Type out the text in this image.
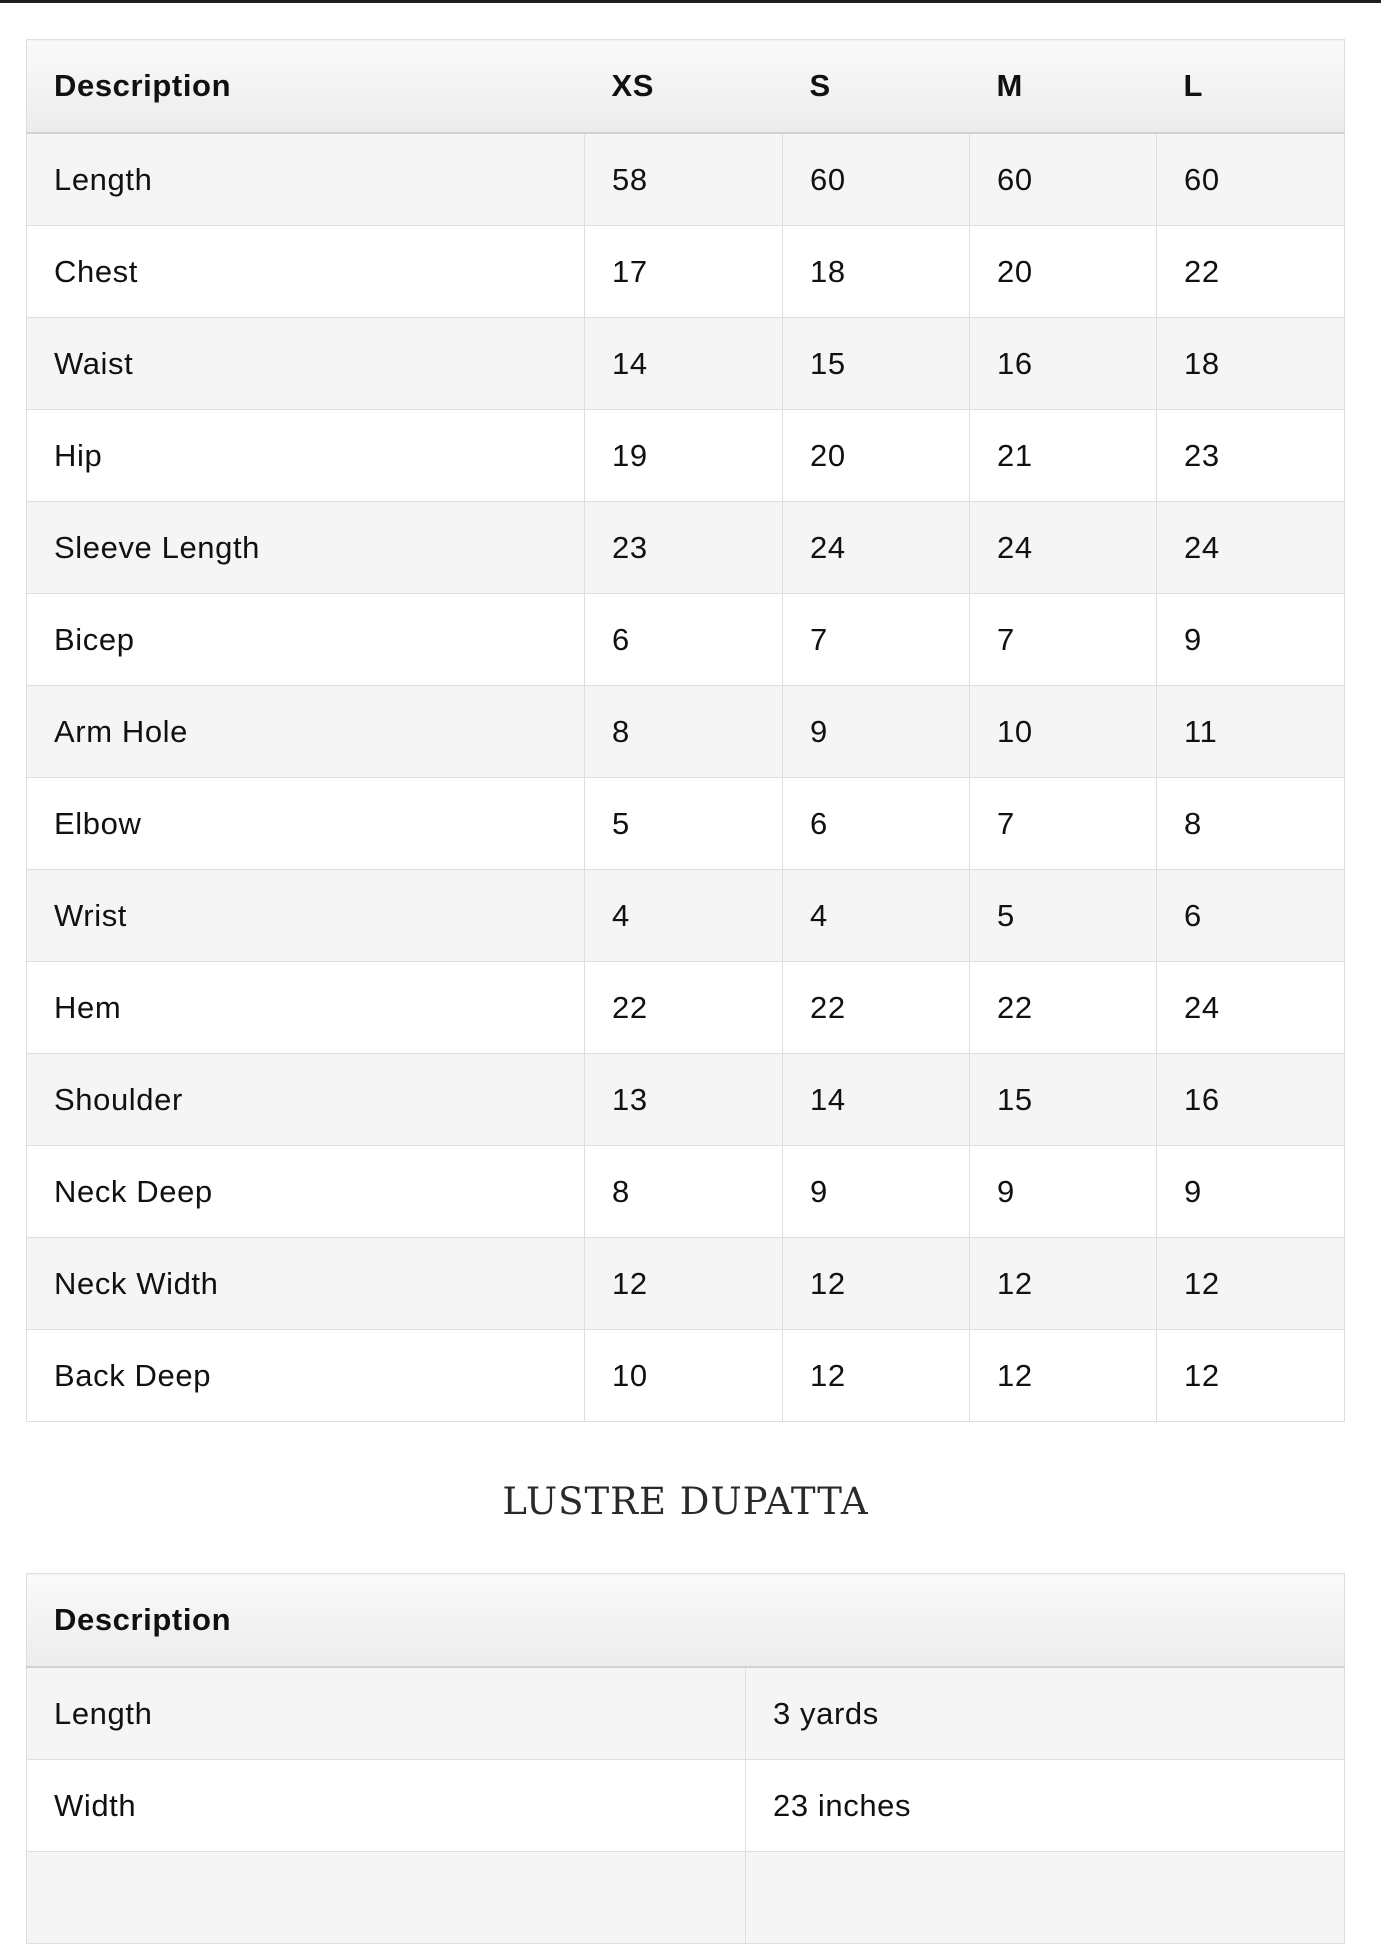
Description	XS	S	M	L
Length	58	60	60	60
Chest	17	18	20	22
Waist	14	15	16	18
Hip	19	20	21	23
Sleeve Length	23	24	24	24
Bicep	6	7	7	9
Arm Hole	8	9	10	11
Elbow	5	6	7	8
Wrist	4	4	5	6
Hem	22	22	22	24
Shoulder	13	14	15	16
Neck Deep	8	9	9	9
Neck Width	12	12	12	12
Back Deep	10	12	12	12
LUSTRE DUPATTA
Description	
Length	3 yards
Width	23 inches
